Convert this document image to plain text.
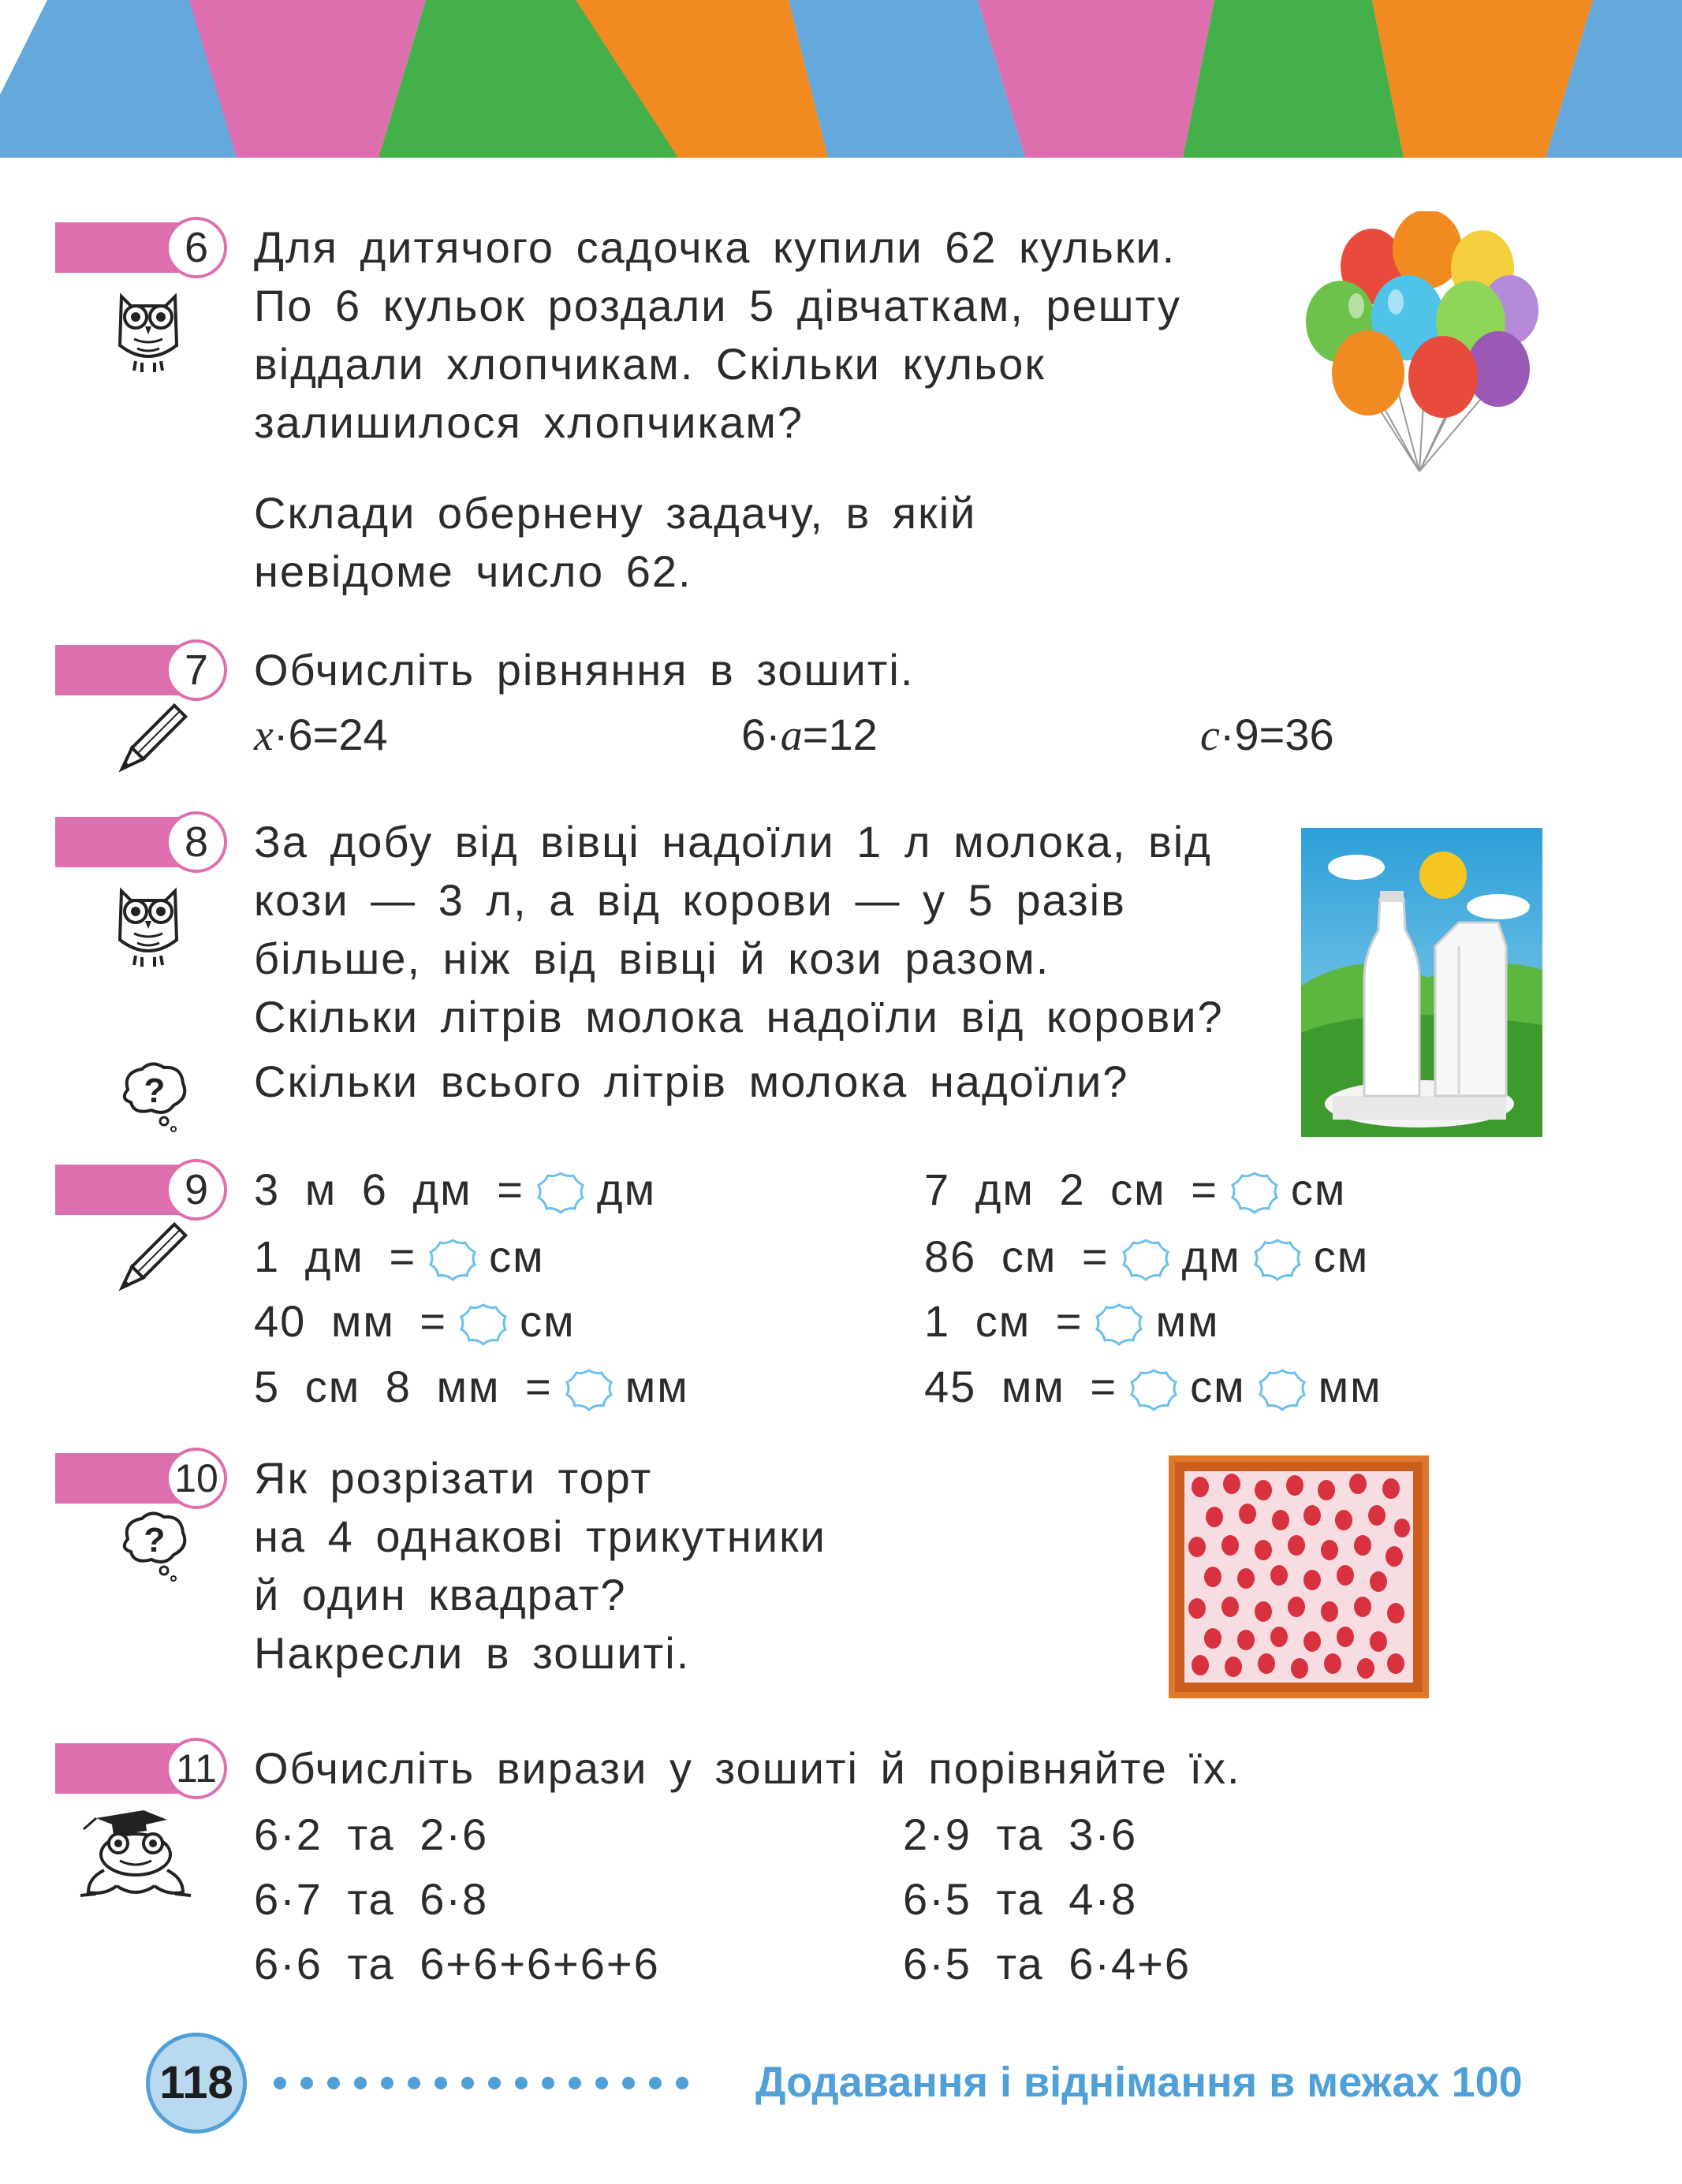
6	Для дитячого садочка купили 62 кульки.
По 6 кульок роздали 5 дівчаткам, решту
віддали хлопчикам. Скільки кульок
залишилося хлопчикам?
Склади обернену задачу, в якій
невідоме число 62.
7	Обчисліть рівняння в зошиті.
x·6=24	6·a=12	c·9=36
8
?
За добу від вівці надоїли 1 л молока, від
кози — 3 л, а від корови — у 5 разів
більше, ніж від вівці й кози разом.
Скільки літрів молока надоїли від корови?
Скільки всього літрів молока надоїли?
9	3 м 6 дм = дм
1 дм = см
40 мм = см
5 см 8 мм = мм
7 дм 2 см = см
86 см = дм см
1 см = мм
45 мм = см мм
10
?
Як розрізати торт
на 4 однакові трикутники
й один квадрат?
Накресли в зошиті.
11 Обчисліть вирази у зошиті й порівняйте їх.
6·2 та 2·6
6·7 та 6·8
6·6 та 6+6+6+6+6
2·9 та 3·6
6·5 та 4·8
6·5 та 6·4+6
118	Додавання і віднімання в межах 100
